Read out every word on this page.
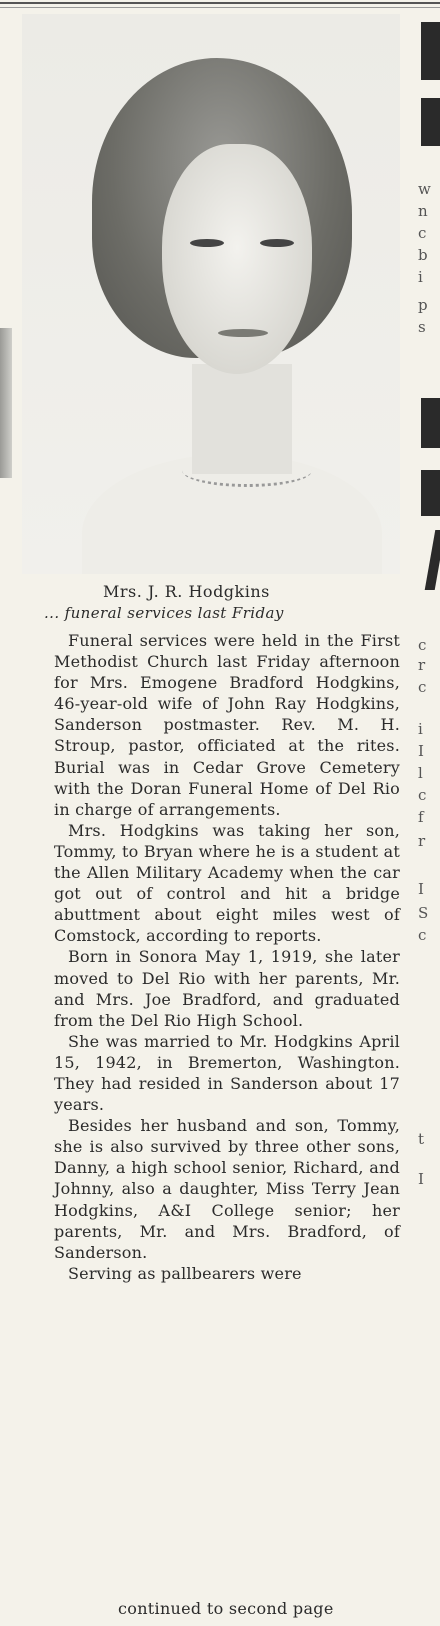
w
n
c
b
i
p
s
c
r
c
i
I
l
c
f
r
I
S
c
t
I
Mrs. J. R. Hodgkins
... funeral services last Friday

Funeral services were held in the First Methodist Church last Friday afternoon for Mrs. Emogene Bradford Hodgkins, 46-year-old wife of John Ray Hodgkins, Sanderson postmaster. Rev. M. H. Stroup, pastor, officiated at the rites. Burial was in Cedar Grove Cemetery with the Doran Funeral Home of Del Rio in charge of arrangements.

Mrs. Hodgkins was taking her son, Tommy, to Bryan where he is a student at the Allen Military Academy when the car got out of control and hit a bridge abuttment about eight miles west of Comstock, according to reports.

Born in Sonora May 1, 1919, she later moved to Del Rio with her parents, Mr. and Mrs. Joe Bradford, and graduated from the Del Rio High School.

She was married to Mr. Hodgkins April 15, 1942, in Bremerton, Washington. They had resided in Sanderson about 17 years.

Besides her husband and son, Tommy, she is also survived by three other sons, Danny, a high school senior, Richard, and Johnny, also a daughter, Miss Terry Jean Hodgkins, A&I College senior; her parents, Mr. and Mrs. Bradford, of Sanderson.

Serving as pallbearers were

continued to second page
